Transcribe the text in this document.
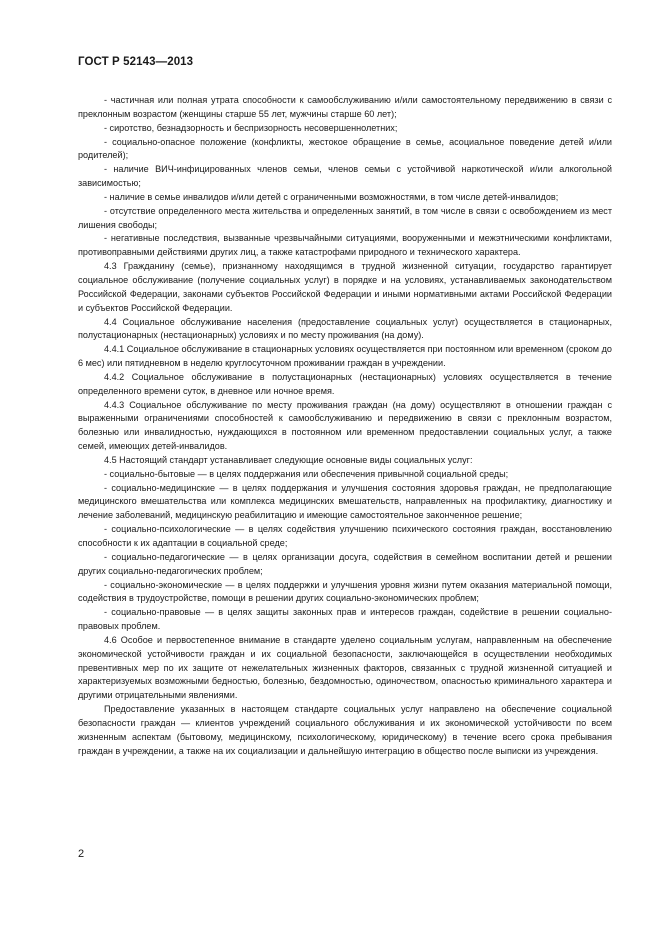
ГОСТ Р 52143—2013

- частичная или полная утрата способности к самообслуживанию и/или самостоятельному передвижению в связи с преклонным возрастом (женщины старше 55 лет, мужчины старше 60 лет);

- сиротство, безнадзорность и беспризорность несовершеннолетних;

- социально-опасное положение (конфликты, жестокое обращение в семье, асоциальное поведение детей и/или родителей);

- наличие ВИЧ-инфицированных членов семьи, членов семьи с устойчивой наркотической и/или алкогольной зависимостью;

- наличие в семье инвалидов и/или детей с ограниченными возможностями, в том числе детей-инвалидов;

- отсутствие определенного места жительства и определенных занятий, в том числе в связи с освобождением из мест лишения свободы;

- негативные последствия, вызванные чрезвычайными ситуациями, вооруженными и межэтническими конфликтами, противоправными действиями других лиц, а также катастрофами природного и технического характера.

4.3 Гражданину (семье), признанному находящимся в трудной жизненной ситуации, государство гарантирует социальное обслуживание (получение социальных услуг) в порядке и на условиях, устанавливаемых законодательством Российской Федерации, законами субъектов Российской Федерации и иными нормативными актами Российской Федерации и субъектов Российской Федерации.

4.4 Социальное обслуживание населения (предоставление социальных услуг) осуществляется в стационарных, полустационарных (нестационарных) условиях и по месту проживания (на дому).

4.4.1 Социальное обслуживание в стационарных условиях осуществляется при постоянном или временном (сроком до 6 мес) или пятидневном в неделю круглосуточном проживании граждан в учреждении.

4.4.2 Социальное обслуживание в полустационарных (нестационарных) условиях осуществляется в течение определенного времени суток, в дневное или ночное время.

4.4.3 Социальное обслуживание по месту проживания граждан (на дому) осуществляют в отношении граждан с выраженными ограничениями способностей к самообслуживанию и передвижению в связи с преклонным возрастом, болезнью или инвалидностью, нуждающихся в постоянном или временном предоставлении социальных услуг, а также семей, имеющих детей-инвалидов.

4.5 Настоящий стандарт устанавливает следующие основные виды социальных услуг:

- социально-бытовые — в целях поддержания или обеспечения привычной социальной среды;

- социально-медицинские — в целях поддержания и улучшения состояния здоровья граждан, не предполагающие медицинского вмешательства или комплекса медицинских вмешательств, направленных на профилактику, диагностику и лечение заболеваний, медицинскую реабилитацию и имеющие самостоятельное законченное решение;

- социально-психологические — в целях содействия улучшению психического состояния граждан, восстановлению способности к их адаптации в социальной среде;

- социально-педагогические — в целях организации досуга, содействия в семейном воспитании детей и решении других социально-педагогических проблем;

- социально-экономические — в целях поддержки и улучшения уровня жизни путем оказания материальной помощи, содействия в трудоустройстве, помощи в решении других социально-экономических проблем;

- социально-правовые — в целях защиты законных прав и интересов граждан, содействие в решении социально-правовых проблем.

4.6 Особое и первостепенное внимание в стандарте уделено социальным услугам, направленным на обеспечение экономической устойчивости граждан и их социальной безопасности, заключающейся в осуществлении необходимых превентивных мер по их защите от нежелательных жизненных факторов, связанных с трудной жизненной ситуацией и характеризуемых возможными бедностью, болезнью, бездомностью, одиночеством, опасностью криминального характера и другими отрицательными явлениями.

Предоставление указанных в настоящем стандарте социальных услуг направлено на обеспечение социальной безопасности граждан — клиентов учреждений социального обслуживания и их экономической устойчивости по всем жизненным аспектам (бытовому, медицинскому, психологическому, юридическому) в течение всего срока пребывания граждан в учреждении, а также на их социализации и дальнейшую интеграцию в общество после выписки из учреждения.

2
